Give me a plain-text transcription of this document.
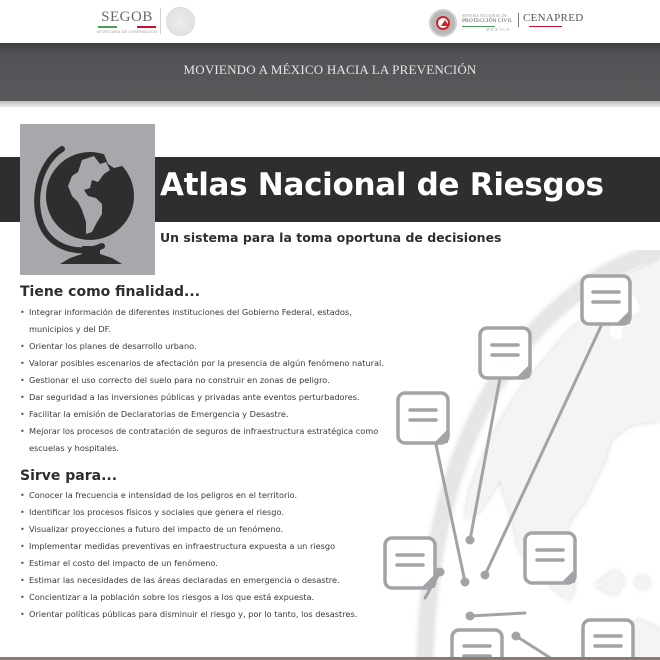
SEGOB
SECRETARÍA DE GOBERNACIÓN
SISTEMA NACIONAL DE
PROTECCIÓN CIVIL
MÉXICO
CENAPRED
MOVIENDO A MÉXICO HACIA LA PREVENCIÓN
Atlas Nacional de Riesgos
Un sistema para la toma oportuna de decisiones
Tiene como finalidad...
• Integrar información de diferentes instituciones del Gobierno Federal, estados,
municipios y del DF.
• Orientar los planes de desarrollo urbano.
• Valorar posibles escenarios de afectación por la presencia de algún fenómeno natural.
• Gestionar el uso correcto del suelo para no construir en zonas de peligro.
• Dar seguridad a las inversiones públicas y privadas ante eventos perturbadores.
• Facilitar la emisión de Declaratorias de Emergencia y Desastre.
• Mejorar los procesos de contratación de seguros de infraestructura estratégica como
escuelas y hospitales.
Sirve para...
• Conocer la frecuencia e intensidad de los peligros en el territorio.
• Identificar los procesos físicos y sociales que genera el riesgo.
• Visualizar proyecciones a futuro del impacto de un fenómeno.
• Implementar medidas preventivas en infraestructura expuesta a un riesgo
• Estimar el costo del impacto de un fenómeno.
• Estimar las necesidades de las áreas declaradas en emergencia o desastre.
• Concientizar a la población sobre los riesgos a los que está expuesta.
• Orientar políticas públicas para disminuir el riesgo y, por lo tanto, los desastres.
